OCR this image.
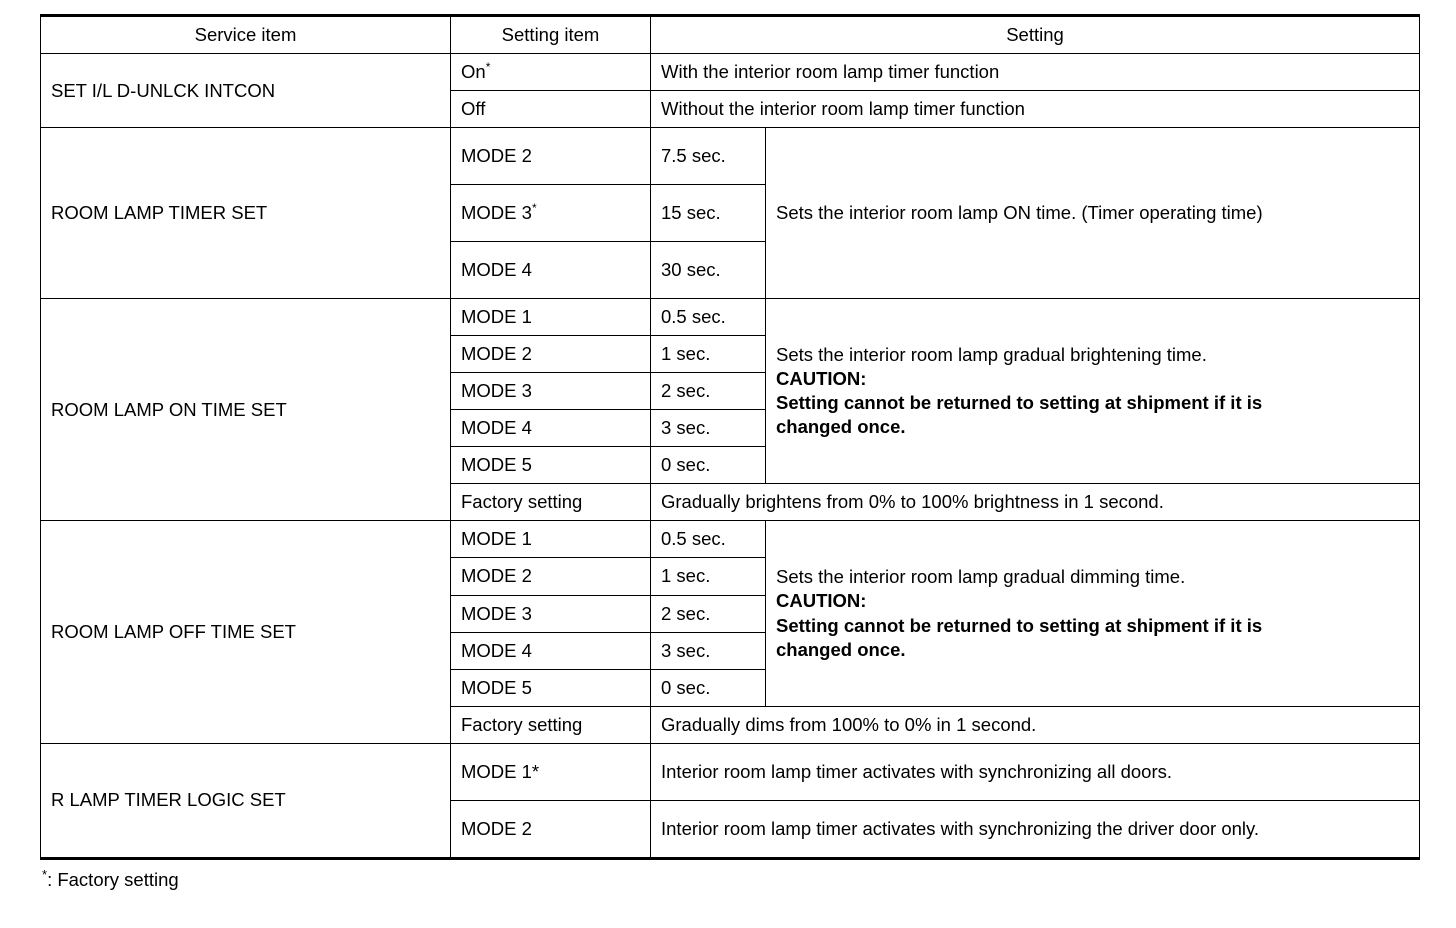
Service item	Setting item	Setting	
SET I/L D-UNLCK INTCON	On*	With the interior room lamp timer function	
	Off	Without the interior room lamp timer function	
ROOM LAMP TIMER SET	MODE 2	7.5 sec.	Sets the interior room lamp ON time. (Timer operating time)

	MODE 3*	15 sec.	
	MODE 4	30 sec.	
ROOM LAMP ON TIME SET	MODE 1	0.5 sec.	Sets the interior room lamp gradual brightening time.

CAUTION:

Setting cannot be returned to setting at shipment if it is

changed once.

	MODE 2	1 sec.	
	MODE 3	2 sec.	
	MODE 4	3 sec.	
	MODE 5	0 sec.	
	Factory setting	Gradually brightens from 0% to 100% brightness in 1 second.	
ROOM LAMP OFF TIME SET	MODE 1	0.5 sec.	Sets the interior room lamp gradual dimming time.

CAUTION:

Setting cannot be returned to setting at shipment if it is

changed once.

	MODE 2	1 sec.	
	MODE 3	2 sec.	
	MODE 4	3 sec.	
	MODE 5	0 sec.	
	Factory setting	Gradually dims from 100% to 0% in 1 second.	
R LAMP TIMER LOGIC SET	MODE 1*	Interior room lamp timer activates with synchronizing all doors.	
	MODE 2	Interior room lamp timer activates with synchronizing the driver door only.	
*: Factory setting
